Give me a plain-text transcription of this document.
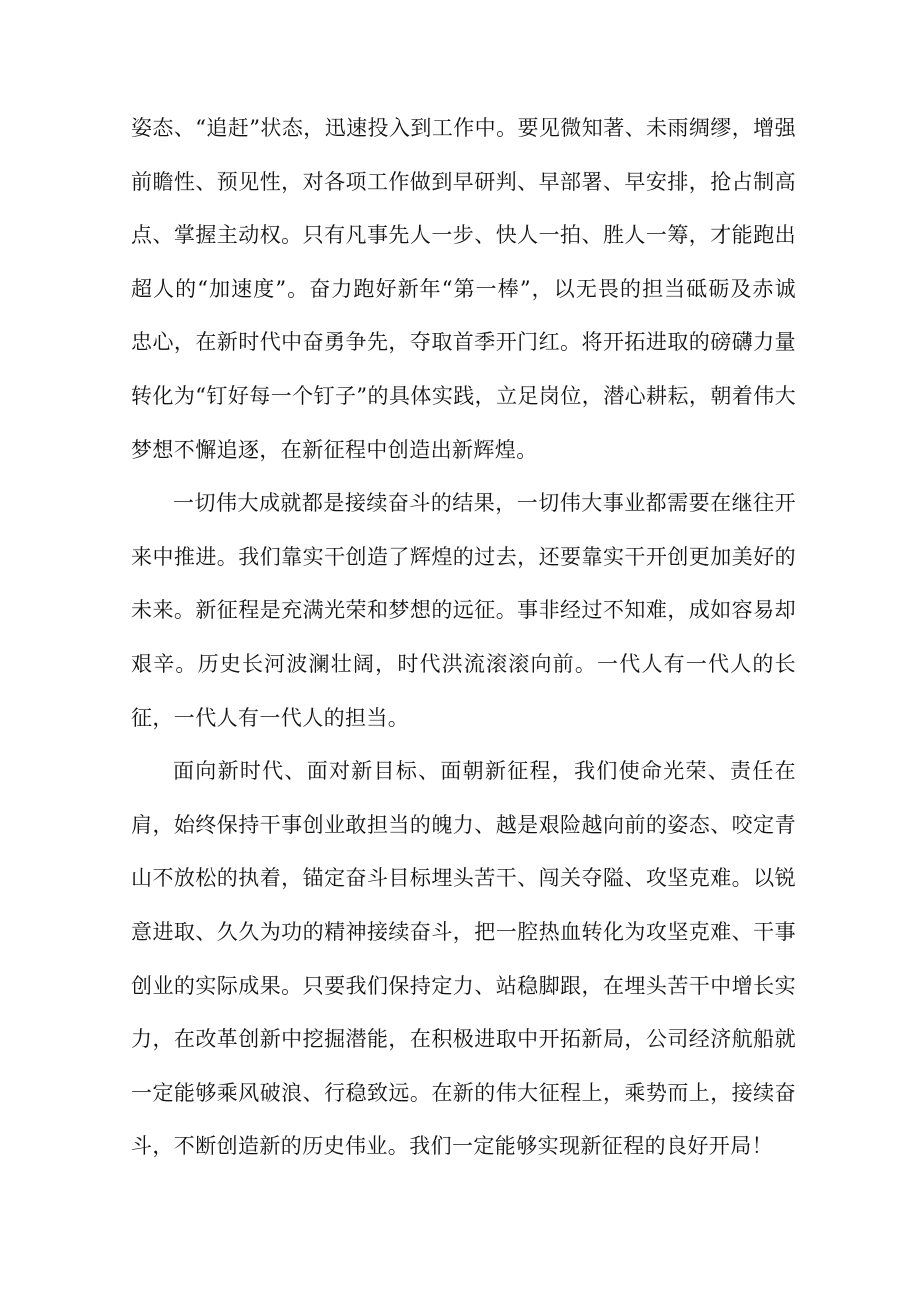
姿态、“追赶”状态，迅速投入到工作中。要见微知著、未雨绸缪，增强前瞻性、预见性，对各项工作做到早研判、早部署、早安排，抢占制高点、掌握主动权。只有凡事先人一步、快人一拍、胜人一筹，才能跑出超人的“加速度”。奋力跑好新年“第一棒”，以无畏的担当砥砺及赤诚忠心，在新时代中奋勇争先，夺取首季开门红。将开拓进取的磅礴力量转化为“钉好每一个钉子”的具体实践，立足岗位，潜心耕耘，朝着伟大梦想不懈追逐，在新征程中创造出新辉煌。

一切伟大成就都是接续奋斗的结果，一切伟大事业都需要在继往开来中推进。我们靠实干创造了辉煌的过去，还要靠实干开创更加美好的未来。新征程是充满光荣和梦想的远征。事非经过不知难，成如容易却艰辛。历史长河波澜壮阔，时代洪流滚滚向前。一代人有一代人的长征，一代人有一代人的担当。

面向新时代、面对新目标、面朝新征程，我们使命光荣、责任在肩，始终保持干事创业敢担当的魄力、越是艰险越向前的姿态、咬定青山不放松的执着，锚定奋斗目标埋头苦干、闯关夺隘、攻坚克难。以锐意进取、久久为功的精神接续奋斗，把一腔热血转化为攻坚克难、干事创业的实际成果。只要我们保持定力、站稳脚跟，在埋头苦干中增长实力，在改革创新中挖掘潜能，在积极进取中开拓新局，公司经济航船就一定能够乘风破浪、行稳致远。在新的伟大征程上，乘势而上，接续奋斗，不断创造新的历史伟业。我们一定能够实现新征程的良好开局！
